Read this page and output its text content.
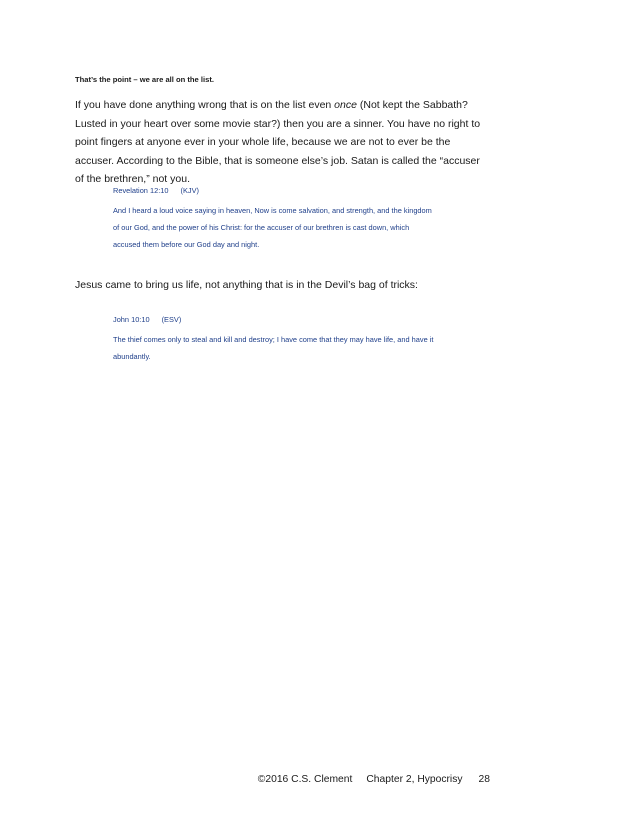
That’s the point – we are all on the list.

If you have done anything wrong that is on the list even once (Not kept the Sabbath?
Lusted in your heart over some movie star?) then you are a sinner. You have no right to
point fingers at anyone ever in your whole life, because we are not to ever be the
accuser. According to the Bible, that is someone else’s job. Satan is called the “accuser
of the brethren,” not you.

Revelation 12:10 (KJV)
And I heard a loud voice saying in heaven, Now is come salvation, and strength, and the kingdom
of our God, and the power of his Christ: for the accuser of our brethren is cast down, which
accused them before our God day and night.

Jesus came to bring us life, not anything that is in the Devil’s bag of tricks:

John 10:10 (ESV)
The thief comes only to steal and kill and destroy; I have come that they may have life, and have it
abundantly.
©2016 C.S. Clement Chapter 2, Hypocrisy 28
